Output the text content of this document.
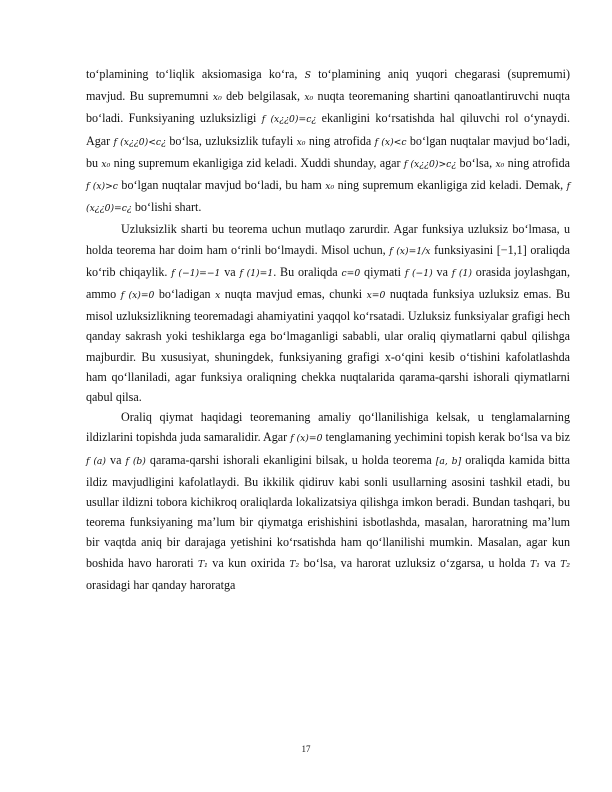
to‘plamining to‘liqlik aksiomasiga ko‘ra, S to‘plamining aniq yuqori chegarasi (supremumi) mavjud. Bu supremumni x₀ deb belgilasak, x₀ nuqta teoremaning shartini qanoatlantiruvchi nuqta bo‘ladi. Funksiyaning uzluksizligi f (x¿¿0)=c¿ ekanligini ko‘rsatishda hal qiluvchi rol o‘ynaydi. Agar f (x¿¿0)<c¿ bo‘lsa, uzluksizlik tufayli x₀ ning atrofida f (x)<c bo‘lgan nuqtalar mavjud bo‘ladi, bu x₀ ning supremum ekanligiga zid keladi. Xuddi shunday, agar f (x¿¿0)>c¿ bo‘lsa, x₀ ning atrofida f (x)>c bo‘lgan nuqtalar mavjud bo‘ladi, bu ham x₀ ning supremum ekanligiga zid keladi. Demak, f (x¿¿0)=c¿ bo‘lishi shart.

Uzluksizlik sharti bu teorema uchun mutlaqo zarurdir. Agar funksiya uzluksiz bo‘lmasa, u holda teorema har doim ham o‘rinli bo‘lmaydi. Misol uchun, f (x)=1/x funksiyasini [−1,1] oraliqda ko‘rib chiqaylik. f (−1)=−1 va f (1)=1. Bu oraliqda c=0 qiymati f (−1) va f (1) orasida joylashgan, ammo f (x)=0 bo‘ladigan x nuqta mavjud emas, chunki x=0 nuqtada funksiya uzluksiz emas. Bu misol uzluksizlikning teoremadagi ahamiyatini yaqqol ko‘rsatadi. Uzluksiz funksiyalar grafigi hech qanday sakrash yoki teshiklarga ega bo‘lmaganligi sababli, ular oraliq qiymatlarni qabul qilishga majburdir. Bu xususiyat, shuningdek, funksiyaning grafigi x-o‘qini kesib o‘tishini kafolatlashda ham qo‘llaniladi, agar funksiya oraliqning chekka nuqtalarida qarama-qarshi ishorali qiymatlarni qabul qilsa.

Oraliq qiymat haqidagi teoremaning amaliy qo‘llanilishiga kelsak, u tenglamalarning ildizlarini topishda juda samaralidir. Agar f (x)=0 tenglamaning yechimini topish kerak bo‘lsa va biz f (a) va f (b) qarama-qarshi ishorali ekanligini bilsak, u holda teorema [a, b] oraliqda kamida bitta ildiz mavjudligini kafolatlaydi. Bu ikkilik qidiruv kabi sonli usullarning asosini tashkil etadi, bu usullar ildizni tobora kichikroq oraliqlarda lokalizatsiya qilishga imkon beradi. Bundan tashqari, bu teorema funksiyaning maʼlum bir qiymatga erishishini isbotlashda, masalan, haroratning maʼlum bir vaqtda aniq bir darajaga yetishini ko‘rsatishda ham qo‘llanilishi mumkin. Masalan, agar kun boshida havo harorati T₁ va kun oxirida T₂ bo‘lsa, va harorat uzluksiz o‘zgarsa, u holda T₁ va T₂ orasidagi har qanday haroratga

17
